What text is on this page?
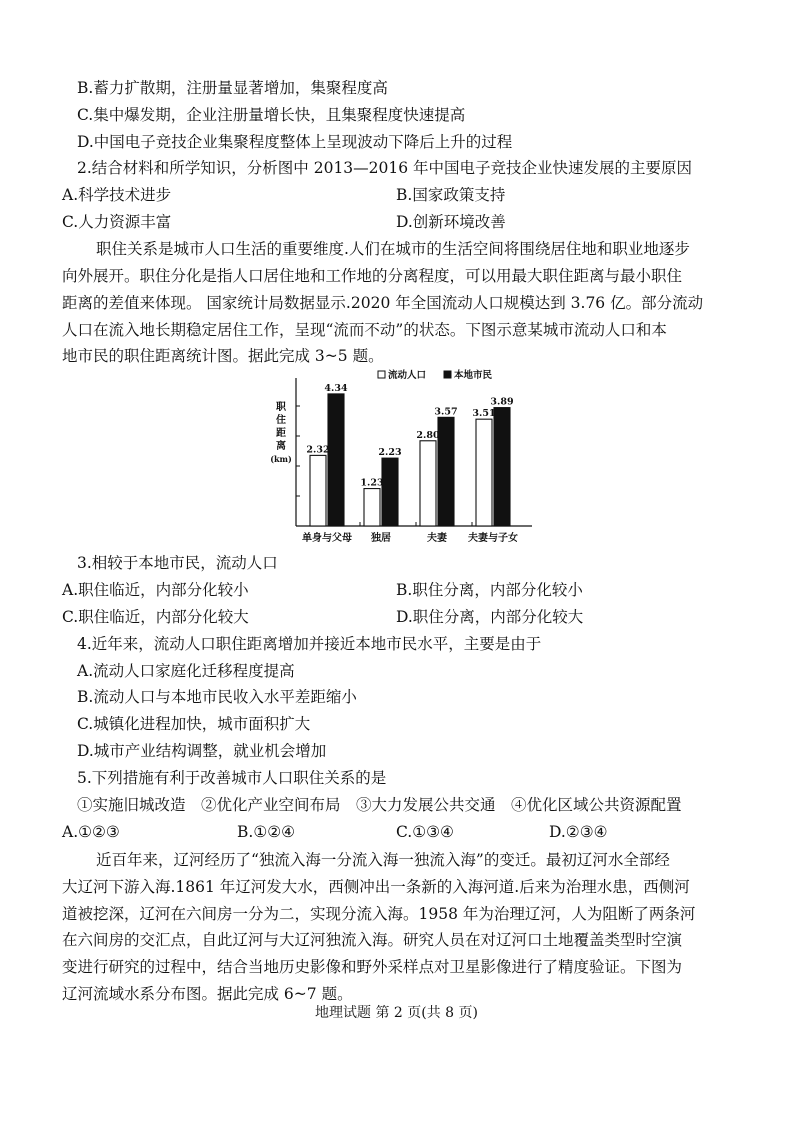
B.蓄力扩散期，注册量显著增加，集聚程度高
C.集中爆发期，企业注册量增长快，且集聚程度快速提高
D.中国电子竞技企业集聚程度整体上呈现波动下降后上升的过程
2.结合材料和所学知识，分析图中 2013—2016 年中国电子竞技企业快速发展的主要原因
A.科学技术进步	B.国家政策支持
C.人力资源丰富	D.创新环境改善
职住关系是城市人口生活的重要维度.人们在城市的生活空间将围绕居住地和职业地逐步
向外展开。职住分化是指人口居住地和工作地的分离程度，可以用最大职住距离与最小职住
距离的差值来体现。 国家统计局数据显示.2020 年全国流动人口规模达到 3.76 亿。部分流动
人口在流入地长期稳定居住工作，呈现“流而不动”的状态。下图示意某城市流动人口和本
地市民的职住距离统计图。据此完成 3~5 题。
职
住
距
离
(km)
2.32
4.34
单身与父母
1.23
2.23
独居
2.80
3.57
夫妻
3.51
3.89
夫妻与子女
流动人口	本地市民
3.相较于本地市民，流动人口
A.职住临近，内部分化较小	B.职住分离，内部分化较小
C.职住临近，内部分化较大	D.职住分离，内部分化较大
4.近年来，流动人口职住距离增加并接近本地市民水平，主要是由于
A.流动人口家庭化迁移程度提高
B.流动人口与本地市民收入水平差距缩小
C.城镇化进程加快，城市面积扩大
D.城市产业结构调整，就业机会增加
5.下列措施有利于改善城市人口职住关系的是
①实施旧城改造　②优化产业空间布局　③大力发展公共交通　④优化区域公共资源配置
A.①②③	B.①②④	C.①③④	D.②③④
近百年来，辽河经历了“独流入海一分流入海一独流入海”的变迁。最初辽河水全部经
大辽河下游入海.1861 年辽河发大水，西侧冲出一条新的入海河道.后来为治理水患，西侧河
道被挖深，辽河在六间房一分为二，实现分流入海。1958 年为治理辽河，人为阻断了两条河
在六间房的交汇点，自此辽河与大辽河独流入海。研究人员在对辽河口土地覆盖类型时空演
变进行研究的过程中，结合当地历史影像和野外采样点对卫星影像进行了精度验证。下图为
辽河流域水系分布图。据此完成 6~7 题。
地理试题 第 2 页(共 8 页)
